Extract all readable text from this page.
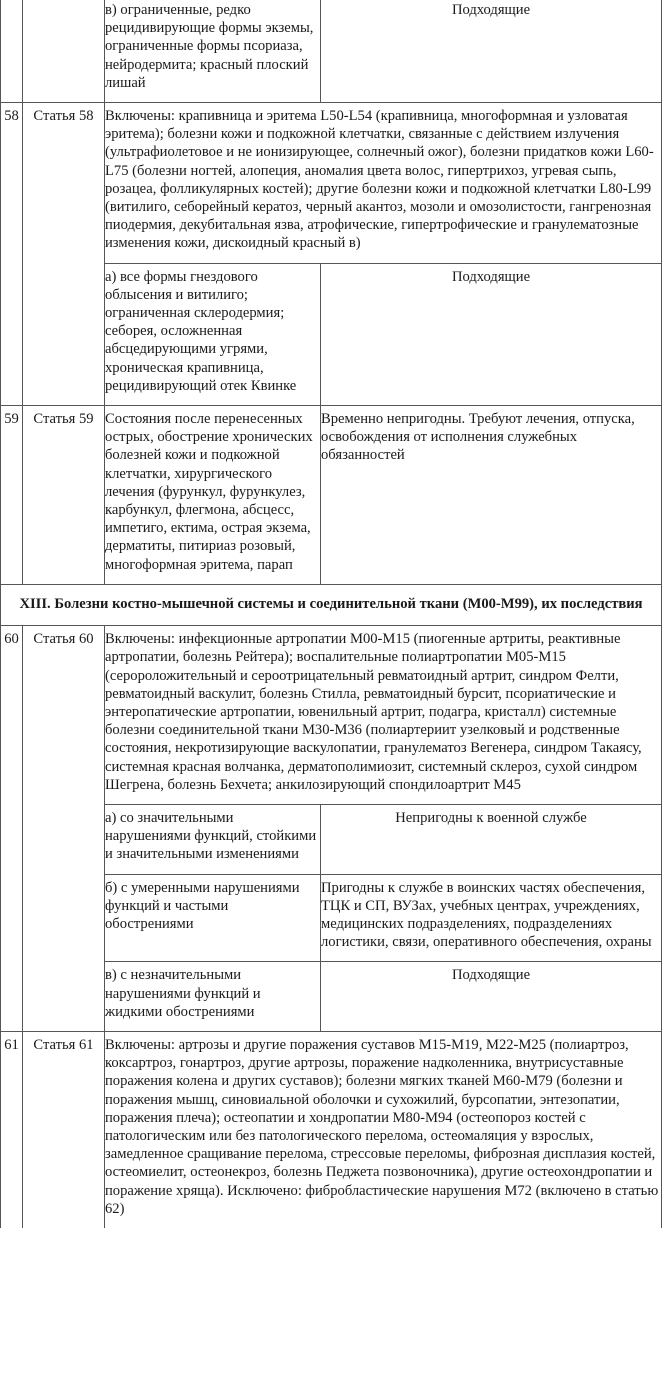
		в) ограниченные, редко рецидивирующие формы экземы, ограниченные формы псориаза, нейродермита; красный плоский лишай	Подходящие
58	Статья 58	Включены: крапивница и эритема L50-L54 (крапивница, многоформная и узловатая эритема); болезни кожи и подкожной клетчатки, связанные с действием излучения (ультрафиолетовое и не ионизирующее, солнечный ожог), болезни придатков кожи L60-L75 (болезни ногтей, алопеция, аномалия цвета волос, гипертрихоз, угревая сыпь, розацеа, фолликулярных костей); другие болезни кожи и подкожной клетчатки L80-L99 (витилиго, себорейный кератоз, черный акантоз, мозоли и омозолистости, гангренозная пиодермия, декубитальная язва, атрофические, гипертрофические и гранулематозные изменения кожи, дискоидный красный в)	
		а) все формы гнездового облысения и витилиго; ограниченная склеродермия; себорея, осложненная абсцедирующими угрями, хроническая крапивница, рецидивирующий отек Квинке	Подходящие
59	Статья 59	Состояния после перенесенных острых, обострение хронических болезней кожи и подкожной клетчатки, хирургического лечения (фурункул, фурункулез, карбункул, флегмона, абсцесс, импетиго, ектима, острая экзема, дерматиты, питириаз розовый, многоформная эритема, парап	Временно непригодны. Требуют лечения, отпуска, освобождения от исполнения служебных обязанностей
XIII. Болезни костно-мышечной системы и соединительной ткани (M00-M99), их последствия			
60	Статья 60	Включены: инфекционные артропатии M00-M15 (пиогенные артриты, реактивные артропатии, болезнь Рейтера); воспалительные полиартропатии M05-M15 (серopоложительный и сероотрицательный ревматоидный артрит, синдром Фелти, ревматоидный васкулит, болезнь Стилла, ревматоидный бурсит, псориатические и энтеропатические артропатии, ювенильный артрит, подагра, кристалл) системные болезни соединительной ткани M30-M36 (полиартериит узелковый и родственные состояния, некротизирующие васкулопатии, гранулематоз Вегенера, синдром Такаясу, системная красная волчанка, дерматополимиозит, системный склероз, сухой синдром Шегрена, болезнь Бехчета; анкилозирующий спондилоартрит M45	
		а) со значительными нарушениями функций, стойкими и значительными изменениями	Непригодны к военной службе
		б) с умеренными нарушениями функций и частыми обострениями	Пригодны к службе в воинских частях обеспечения, ТЦК и СП, ВУЗах, учебных центрах, учреждениях, медицинских подразделениях, подразделениях логистики, связи, оперативного обеспечения, охраны
		в) с незначительными нарушениями функций и жидкими обострениями	Подходящие
61	Статья 61	Включены: артрозы и другие поражения суставов M15-M19, M22-M25 (полиартроз, коксартроз, гонартроз, другие артрозы, поражение надколенника, внутрисуставные поражения колена и других суставов); болезни мягких тканей M60-M79 (болезни и поражения мышц, синовиальной оболочки и сухожилий, бурсопатии, энтезопатии, поражения плеча); остеопатии и хондропатии M80-M94 (остеопороз костей с патологическим или без патологического перелома, остеомаляция у взрослых, замедленное сращивание перелома, стрессовые переломы, фиброзная дисплазия костей, остеомиелит, остеонекроз, болезнь Педжета позвоночника), другие остеохондропатии и поражение хряща). Исключено: фибробластические нарушения M72 (включено в статью 62)	
